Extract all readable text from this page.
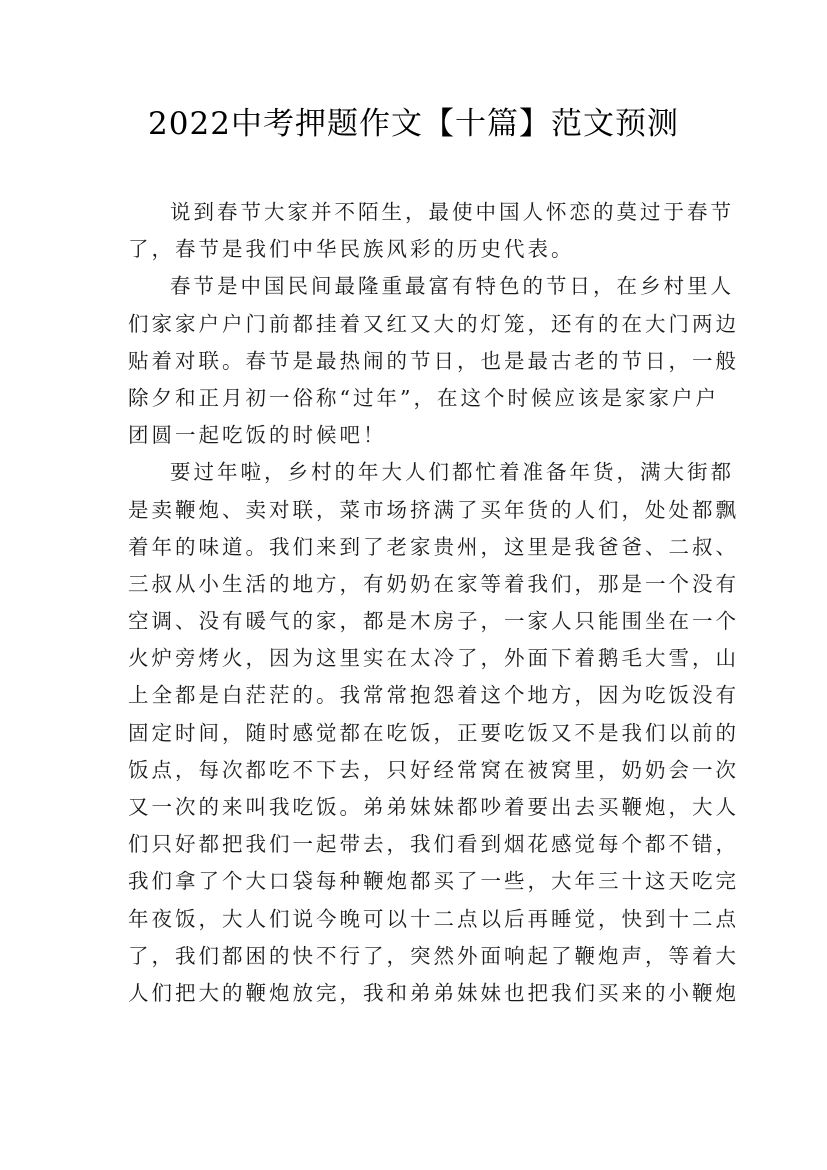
2022中考押题作文【十篇】范文预测
说到春节大家并不陌生，最使中国人怀恋的莫过于春节
了，春节是我们中华民族风彩的历史代表。
春节是中国民间最隆重最富有特色的节日，在乡村里人
们家家户户门前都挂着又红又大的灯笼，还有的在大门两边
贴着对联。春节是最热闹的节日，也是最古老的节日，一般
除夕和正月初一俗称“过年”，在这个时候应该是家家户户
团圆一起吃饭的时候吧！
要过年啦，乡村的年大人们都忙着准备年货，满大街都
是卖鞭炮、卖对联，菜市场挤满了买年货的人们，处处都飘
着年的味道。我们来到了老家贵州，这里是我爸爸、二叔、
三叔从小生活的地方，有奶奶在家等着我们，那是一个没有
空调、没有暖气的家，都是木房子，一家人只能围坐在一个
火炉旁烤火，因为这里实在太冷了，外面下着鹅毛大雪，山
上全都是白茫茫的。我常常抱怨着这个地方，因为吃饭没有
固定时间，随时感觉都在吃饭，正要吃饭又不是我们以前的
饭点，每次都吃不下去，只好经常窝在被窝里，奶奶会一次
又一次的来叫我吃饭。弟弟妹妹都吵着要出去买鞭炮，大人
们只好都把我们一起带去，我们看到烟花感觉每个都不错，
我们拿了个大口袋每种鞭炮都买了一些，大年三十这天吃完
年夜饭，大人们说今晚可以十二点以后再睡觉，快到十二点
了，我们都困的快不行了，突然外面响起了鞭炮声，等着大
人们把大的鞭炮放完，我和弟弟妹妹也把我们买来的小鞭炮
